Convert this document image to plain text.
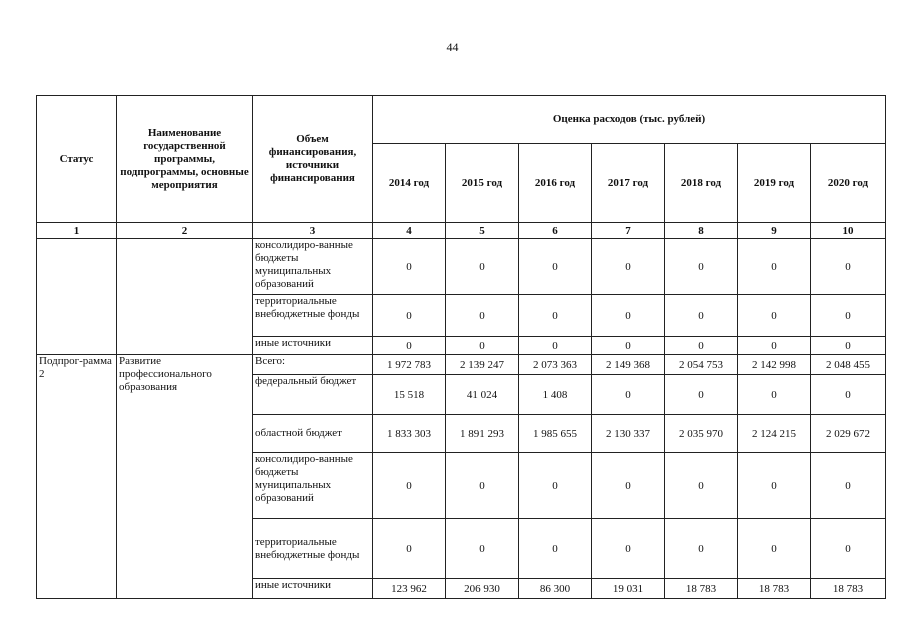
44
Статус	Наименование государственной программы, подпрограммы, основные мероприятия	Объем финансирования, источники финансирования	Оценка расходов (тыс. рублей)						
			2014 год	2015 год	2016 год	2017 год	2018 год	2019 год	2020 год
1	2	3	4	5	6	7	8	9	10
		консолидиро-ванные бюджеты муниципальных образований	0	0	0	0	0	0	0
		территориальные внебюджетные фонды	0	0	0	0	0	0	0
		иные источники	0	0	0	0	0	0	0
Подпрог-рамма 2	Развитие профессионального образования	Всего:	1 972 783	2 139 247	2 073 363	2 149 368	2 054 753	2 142 998	2 048 455
		федеральный бюджет	15 518	41 024	1 408	0	0	0	0
		областной бюджет	1 833 303	1 891 293	1 985 655	2 130 337	2 035 970	2 124 215	2 029 672
		консолидиро-ванные бюджеты муниципальных образований	0	0	0	0	0	0	0
		территориальные внебюджетные фонды	0	0	0	0	0	0	0
		иные источники	123 962	206 930	86 300	19 031	18 783	18 783	18 783
